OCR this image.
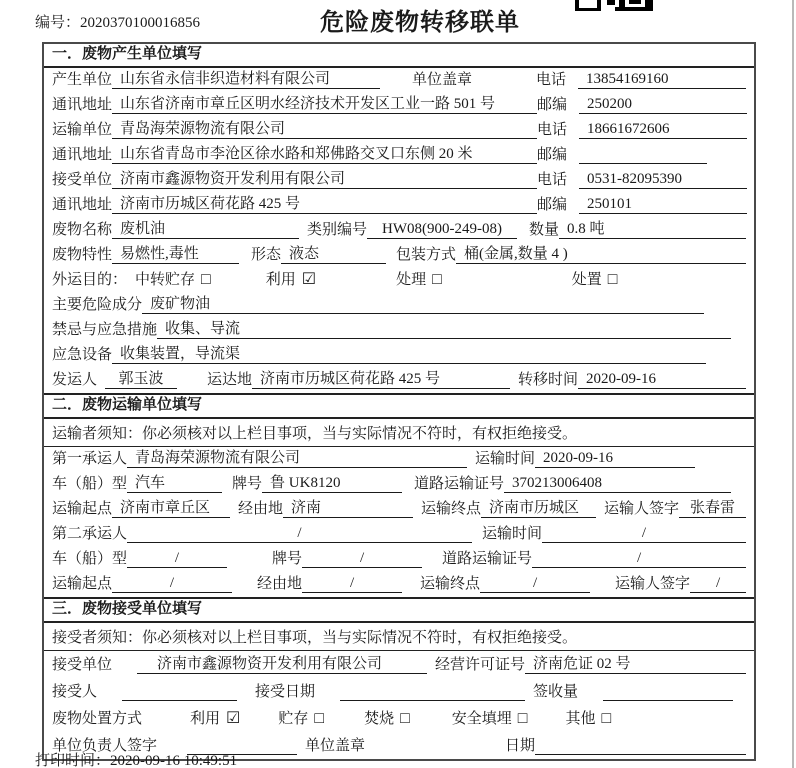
编号：2020370100016856	危险废物转移联单
一．废物产生单位填写
产生单位 山东省永信非织造材料有限公司	单位盖章	电话	13854169160
通讯地址 山东省济南市章丘区明水经济技术开发区工业一路 501 号	邮编	250200
运输单位 青岛海荣源物流有限公司	电话	18661672606
通讯地址 山东省青岛市李沧区徐水路和郑佛路交叉口东侧 20 米	邮编
接受单位 济南市鑫源物资开发利用有限公司	电话	0531-82095390
通讯地址 济南市历城区荷花路 425 号	邮编	250101
废物名称 废机油	类别编号	HW08(900-249-08)	数量 0.8 吨
废物特性 易燃性,毒性	形态 液态	包装方式 桶(金属,数量 4 )
外运目的： 中转贮存 □	利用 ☑	处理 □	处置 □
主要危险成分 废矿物油
禁忌与应急措施 收集、导流
应急设备 收集装置，导流渠
发运人	郭玉波	运达地 济南市历城区荷花路 425 号	转移时间 2020-09-16
二．废物运输单位填写
运输者须知：你必须核对以上栏目事项，当与实际情况不符时，有权拒绝接受。
第一承运人 青岛海荣源物流有限公司	运输时间 2020-09-16
车（船）型 汽车	牌号 鲁 UK8120	道路运输证号 370213006408
运输起点 济南市章丘区	经由地 济南	运输终点 济南市历城区	运输人签字 张春雷
第二承运人	/	运输时间	/
车（船）型	/	牌号	/	道路运输证号	/
运输起点	/	经由地	/	运输终点	/	运输人签字	/
三．废物接受单位填写
接受者须知：你必须核对以上栏目事项，当与实际情况不符时，有权拒绝接受。
接受单位	济南市鑫源物资开发利用有限公司	经营许可证号 济南危证 02 号
接受人	接受日期	签收量
废物处置方式	利用 ☑	贮存 □	焚烧 □	安全填埋 □	其他 □
单位负责人签字	单位盖章	日期
打印时间：2020-09-16 10:49:51
